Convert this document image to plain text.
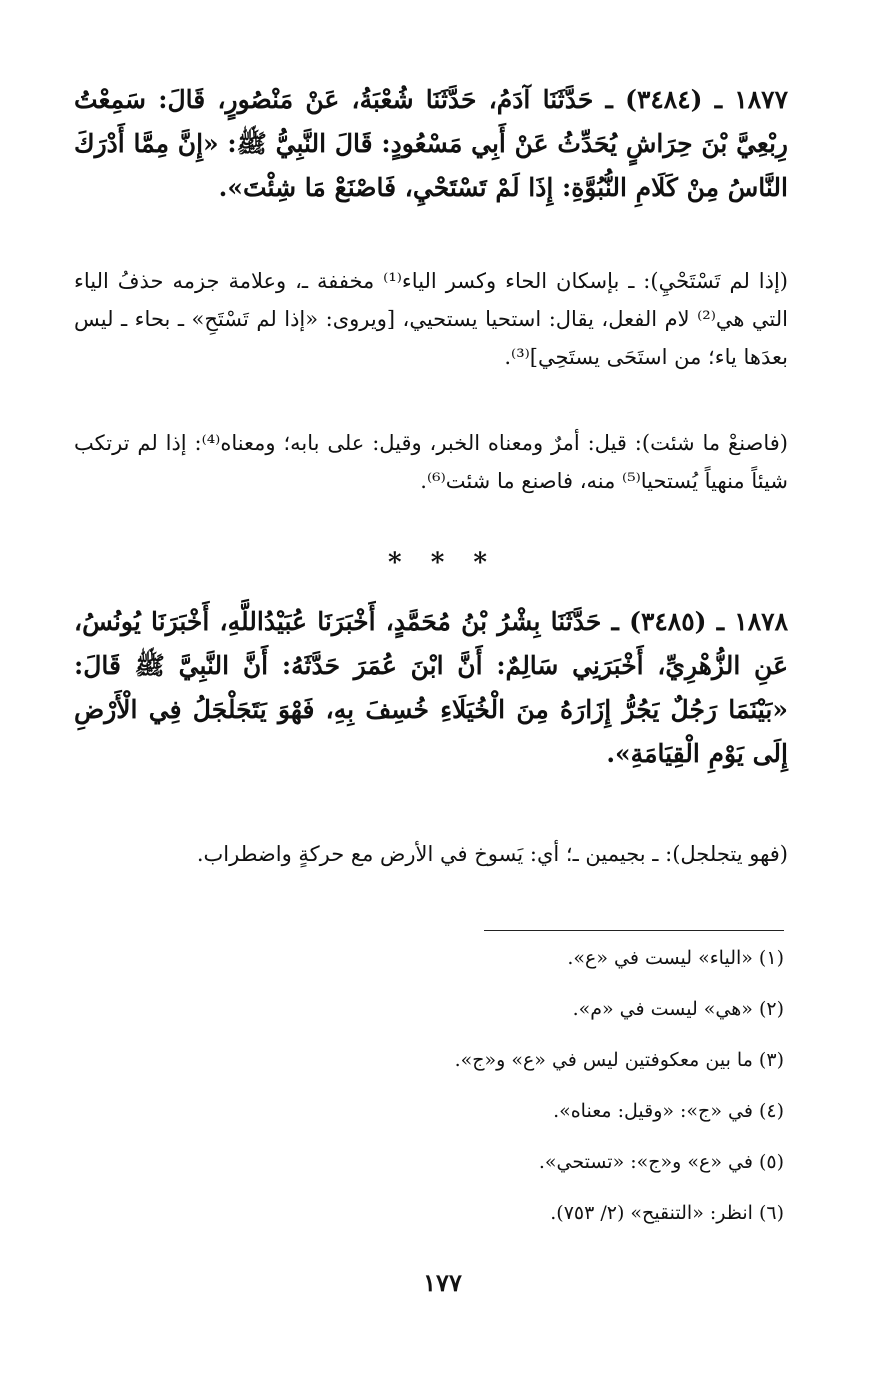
١٨٧٧ ـ (٣٤٨٤) ـ حَدَّثَنَا آدَمُ، حَدَّثَنَا شُعْبَةُ، عَنْ مَنْصُورٍ، قَالَ: سَمِعْتُ رِبْعِيَّ بْنَ حِرَاشٍ يُحَدِّثُ عَنْ أَبِي مَسْعُودٍ: قَالَ النَّبِيُّ ﷺ: «إِنَّ مِمَّا أَدْرَكَ النَّاسُ مِنْ كَلَامِ النُّبُوَّةِ: إِذَا لَمْ تَسْتَحْيِ، فَاصْنَعْ مَا شِئْتَ».

(إذا لم تَسْتَحْيِ): ـ بإسكان الحاء وكسر الياء⁽¹⁾ مخففة ـ، وعلامة جزمه حذفُ الياء التي هي⁽²⁾ لام الفعل، يقال: استحيا يستحيي، [ويروى: «إذا لم تَسْتَحِ» ـ بحاء ـ ليس بعدَها ياء؛ من استَحَى يستَحِي]⁽³⁾.

(فاصنعْ ما شئت): قيل: أمرٌ ومعناه الخبر، وقيل: على بابه؛ ومعناه⁽⁴⁾: إذا لم ترتكب شيئاً منهياً يُستحيا⁽⁵⁾ منه، فاصنع ما شئت⁽⁶⁾.

* * *

١٨٧٨ ـ (٣٤٨٥) ـ حَدَّثَنَا بِشْرُ بْنُ مُحَمَّدٍ، أَخْبَرَنَا عُبَيْدُاللَّهِ، أَخْبَرَنَا يُونُسُ، عَنِ الزُّهْرِيِّ، أَخْبَرَنِي سَالِمٌ: أَنَّ ابْنَ عُمَرَ حَدَّثَهُ: أَنَّ النَّبِيَّ ﷺ قَالَ: «بَيْنَمَا رَجُلٌ يَجُرُّ إِزَارَهُ مِنَ الْخُيَلَاءِ خُسِفَ بِهِ، فَهْوَ يَتَجَلْجَلُ فِي الْأَرْضِ إِلَى يَوْمِ الْقِيَامَةِ».

(فهو يتجلجل): ـ بجيمين ـ؛ أي: يَسوخ في الأرض مع حركةٍ واضطراب.

(١) «الياء» ليست في «ع».
(٢) «هي» ليست في «م».
(٣) ما بين معكوفتين ليس في «ع» و«ج».
(٤) في «ج»: «وقيل: معناه».
(٥) في «ع» و«ج»: «تستحي».
(٦) انظر: «التنقيح» (٢/ ٧٥٣).
١٧٧
